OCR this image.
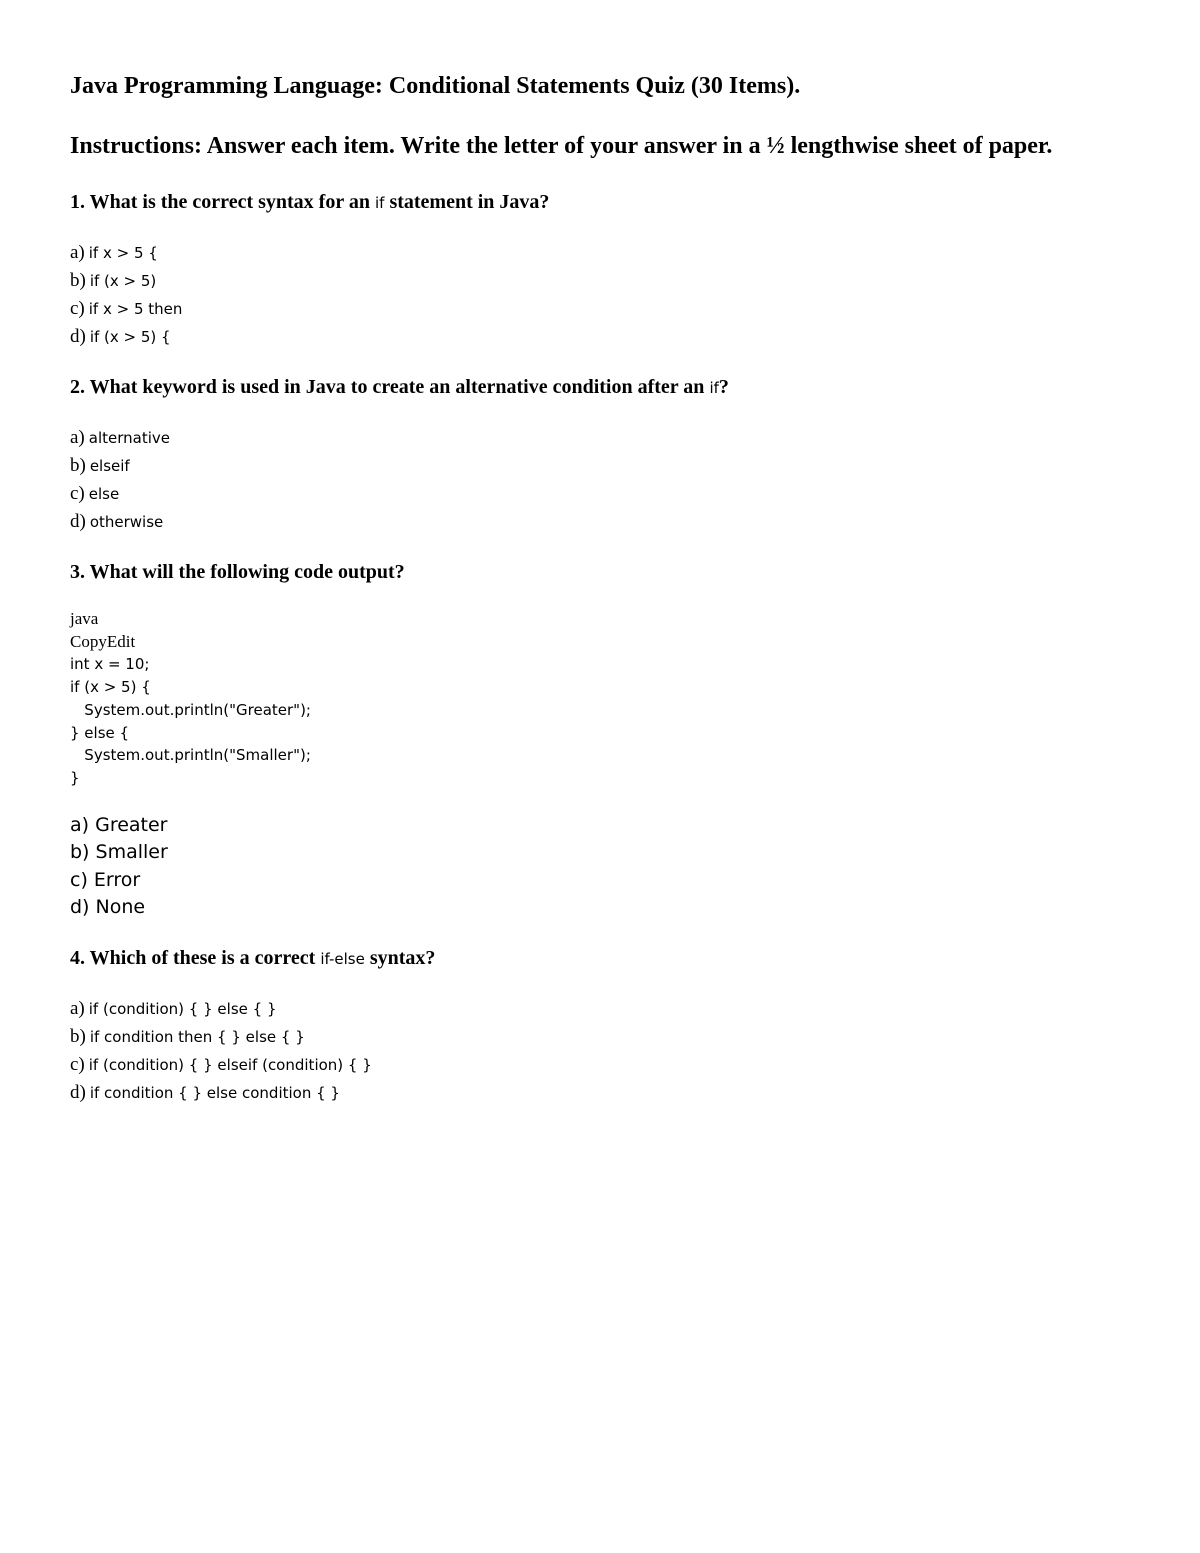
Java Programming Language: Conditional Statements Quiz (30 Items).
Instructions: Answer each item. Write the letter of your answer in a ½ lengthwise sheet of paper.
1. What is the correct syntax for an if statement in Java?
a) if x > 5 {
b) if (x > 5)
c) if x > 5 then
d) if (x > 5) {
2. What keyword is used in Java to create an alternative condition after an if?
a) alternative
b) elseif
c) else
d) otherwise
3. What will the following code output?
java
CopyEdit
int x = 10;
if (x > 5) {
System.out.println("Greater");
} else {
System.out.println("Smaller");
}
a) Greater
b) Smaller
c) Error
d) None
4. Which of these is a correct if-else syntax?
a) if (condition) { } else { }
b) if condition then { } else { }
c) if (condition) { } elseif (condition) { }
d) if condition { } else condition { }
